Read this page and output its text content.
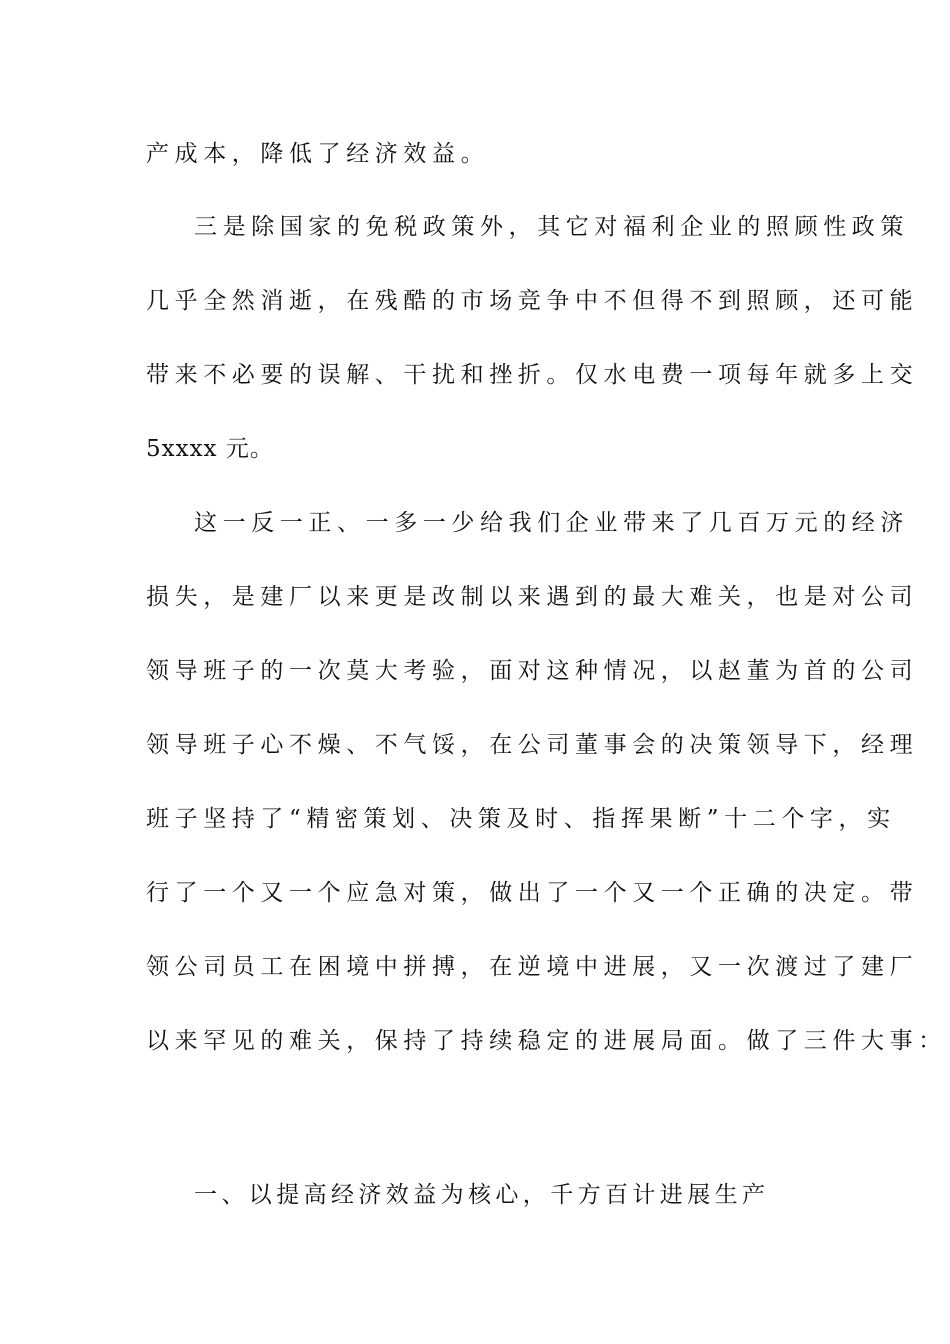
产成本，降低了经济效益。
三是除国家的免税政策外，其它对福利企业的照顾性政策
几乎全然消逝，在残酷的市场竞争中不但得不到照顾，还可能
带来不必要的误解、干扰和挫折。仅水电费一项每年就多上交
5xxxx 元。
这一反一正、一多一少给我们企业带来了几百万元的经济
损失，是建厂以来更是改制以来遇到的最大难关，也是对公司
领导班子的一次莫大考验，面对这种情况，以赵董为首的公司
领导班子心不燥、不气馁，在公司董事会的决策领导下，经理
班子坚持了“精密策划、决策及时、指挥果断”十二个字，实
行了一个又一个应急对策，做出了一个又一个正确的决定。带
领公司员工在困境中拼搏，在逆境中进展，又一次渡过了建厂
以来罕见的难关，保持了持续稳定的进展局面。做了三件大事：
一、以提高经济效益为核心，千方百计进展生产
